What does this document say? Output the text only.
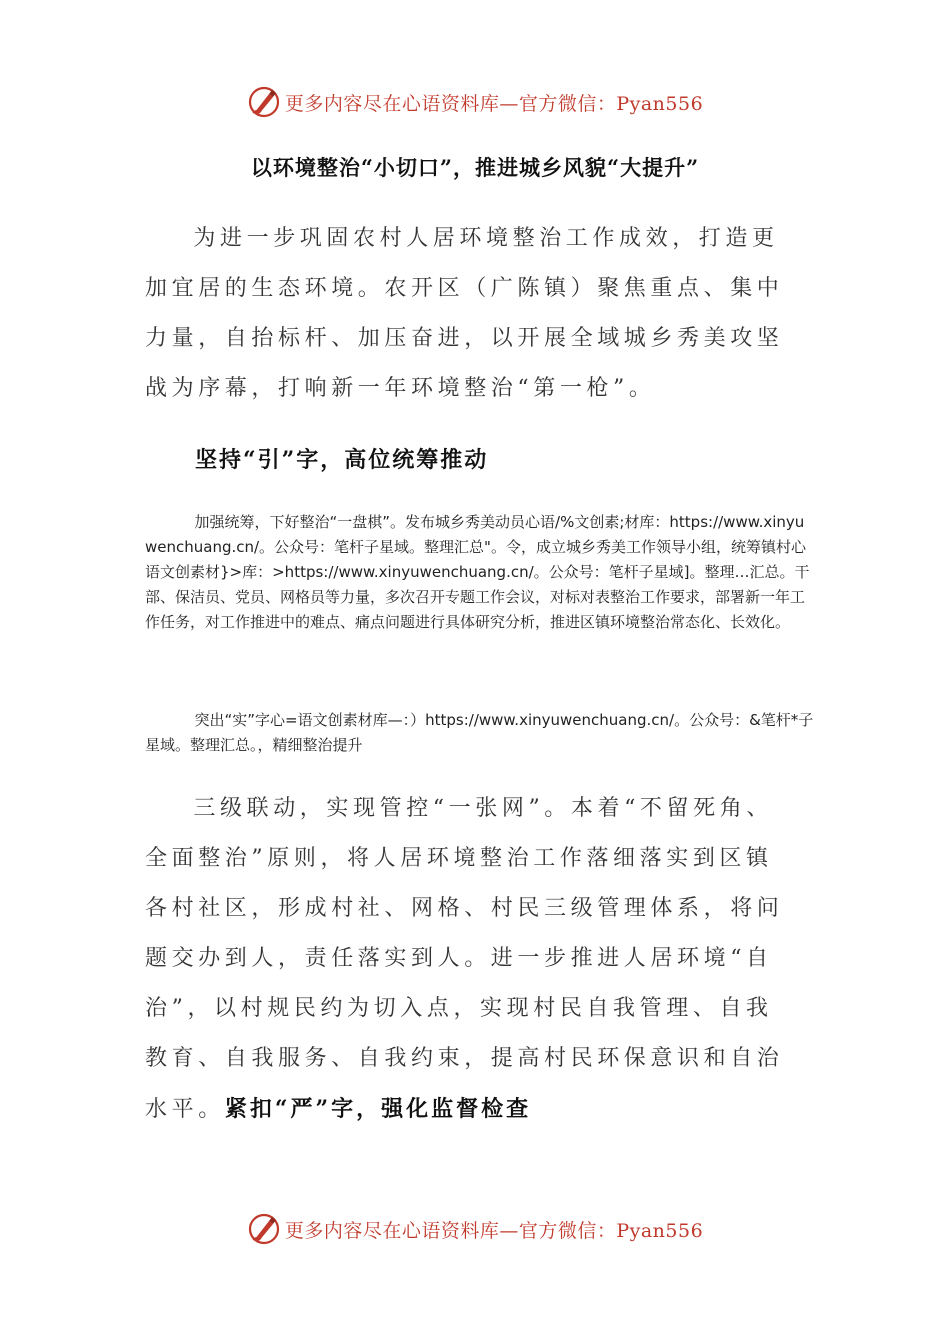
更多内容尽在心语资料库—官方微信：Pyan556
以环境整治“小切口”，推进城乡风貌“大提升”

为进一步巩固农村人居环境整治工作成效，打造更加宜居的生态环境。农开区（广陈镇）聚焦重点、集中力量，自抬标杆、加压奋进，以开展全域城乡秀美攻坚战为序幕，打响新一年环境整治“第一枪”。

坚持“引”字，高位统筹推动

加强统筹，下好整治“一盘棋”。发布城乡秀美动员心语/%文创素;材库：https://www.xinyuwenchuang.cn/。公众号：笔杆子星域。整理汇总"。令，成立城乡秀美工作领导小组，统筹镇村心语文创素材}>库：>https://www.xinyuwenchuang.cn/。公众号：笔杆子星域]。整理…汇总。干部、保洁员、党员、网格员等力量，多次召开专题工作会议，对标对表整治工作要求，部署新一年工作任务，对工作推进中的难点、痛点问题进行具体研究分析，推进区镇环境整治常态化、长效化。

突出“实”字心=语文创素材库—：）https://www.xinyuwenchuang.cn/。公众号：&笔杆*子星域。整理汇总。，精细整治提升

三级联动，实现管控“一张网”。本着“不留死角、全面整治”原则，将人居环境整治工作落细落实到区镇各村社区，形成村社、网格、村民三级管理体系，将问题交办到人，责任落实到人。进一步推进人居环境“自治”，以村规民约为切入点，实现村民自我管理、自我教育、自我服务、自我约束，提高村民环保意识和自治水平。紧扣“严”字，强化监督检查

更多内容尽在心语资料库—官方微信：Pyan556
